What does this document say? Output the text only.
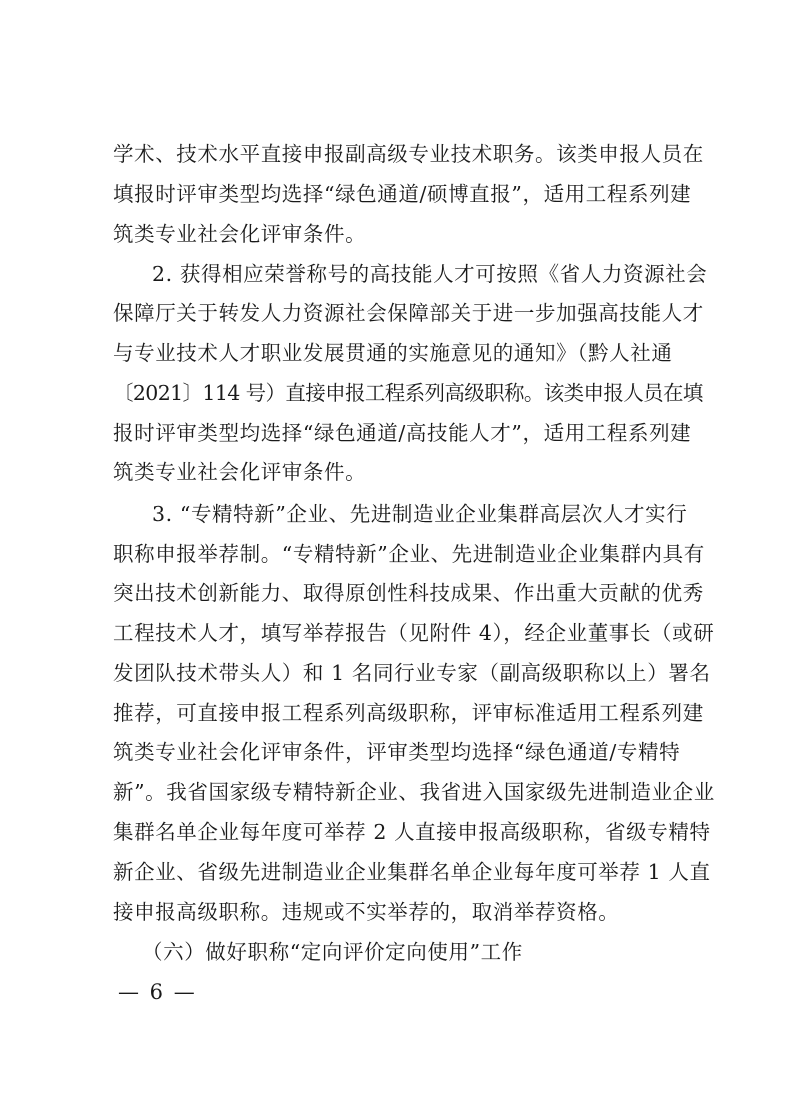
学术、技术水平直接申报副高级专业技术职务。该类申报人员在
填报时评审类型均选择“绿色通道/硕博直报”，适用工程系列建
筑类专业社会化评审条件。
2. 获得相应荣誉称号的高技能人才可按照《省人力资源社会
保障厅关于转发人力资源社会保障部关于进一步加强高技能人才
与专业技术人才职业发展贯通的实施意见的通知》（黔人社通
〔2021〕114 号）直接申报工程系列高级职称。该类申报人员在填
报时评审类型均选择“绿色通道/高技能人才”，适用工程系列建
筑类专业社会化评审条件。
3. “专精特新”企业、先进制造业企业集群高层次人才实行
职称申报举荐制。“专精特新”企业、先进制造业企业集群内具有
突出技术创新能力、取得原创性科技成果、作出重大贡献的优秀
工程技术人才，填写举荐报告（见附件 4），经企业董事长（或研
发团队技术带头人）和 1 名同行业专家（副高级职称以上）署名
推荐，可直接申报工程系列高级职称，评审标准适用工程系列建
筑类专业社会化评审条件，评审类型均选择“绿色通道/专精特
新”。我省国家级专精特新企业、我省进入国家级先进制造业企业
集群名单企业每年度可举荐 2 人直接申报高级职称，省级专精特
新企业、省级先进制造业企业集群名单企业每年度可举荐 1 人直
接申报高级职称。违规或不实举荐的，取消举荐资格。
（六）做好职称“定向评价定向使用”工作
— 6 —
